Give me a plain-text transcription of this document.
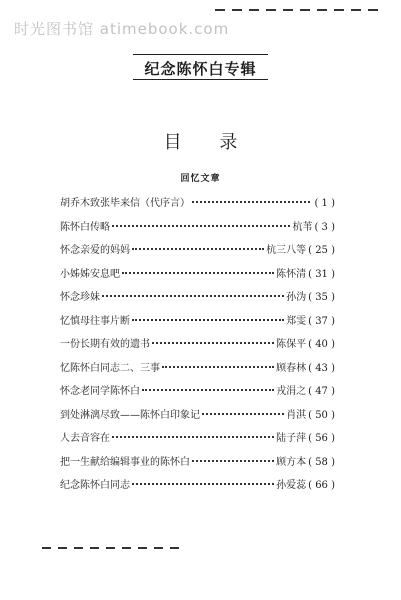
时光图书馆 atimebook.com
纪念陈怀白专辑
目 录
回忆文章
胡乔木致张毕来信（代序言）	( 1 )
陈怀白传略	杭苇 ( 3 )
怀念亲爱的妈妈	杭三八等 ( 25 )
小姊姊安息吧	陈怀清 ( 31 )
怀念珍妹	孙沩 ( 35 )
忆慎母往事片断	郑雯 ( 37 )
一份长期有效的遗书	陈保平 ( 40 )
忆陈怀白同志二、三事	顾春林 ( 43 )
怀念老同学陈怀白	戎涓之 ( 47 )
到处淋漓尽致——陈怀白印象记	肖淇 ( 50 )
人去音容在	陆子萍 ( 56 )
把一生献给编辑事业的陈怀白	顾方本 ( 58 )
纪念陈怀白同志	孙爱蕊 ( 66 )
